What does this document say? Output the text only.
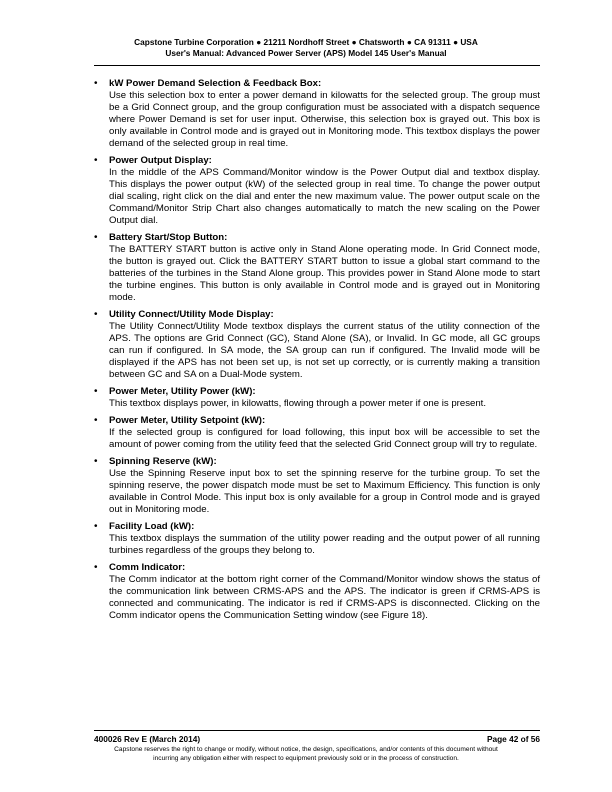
Capstone Turbine Corporation ● 21211 Nordhoff Street ● Chatsworth ● CA 91311 ● USA
User's Manual: Advanced Power Server (APS) Model 145 User's Manual
• kW Power Demand Selection & Feedback Box:

Use this selection box to enter a power demand in kilowatts for the selected group. The group must be a Grid Connect group, and the group configuration must be associated with a dispatch sequence where Power Demand is set for user input. Otherwise, this selection box is grayed out. This box is only available in Control mode and is grayed out in Monitoring mode. This textbox displays the power demand of the selected group in real time.

• Power Output Display:

In the middle of the APS Command/Monitor window is the Power Output dial and textbox display. This displays the power output (kW) of the selected group in real time. To change the power output dial scaling, right click on the dial and enter the new maximum value. The power output scale on the Command/Monitor Strip Chart also changes automatically to match the new scaling on the Power Output dial.

• Battery Start/Stop Button:

The BATTERY START button is active only in Stand Alone operating mode. In Grid Connect mode, the button is grayed out. Click the BATTERY START button to issue a global start command to the batteries of the turbines in the Stand Alone group. This provides power in Stand Alone mode to start the turbine engines. This button is only available in Control mode and is grayed out in Monitoring mode.

• Utility Connect/Utility Mode Display:

The Utility Connect/Utility Mode textbox displays the current status of the utility connection of the APS. The options are Grid Connect (GC), Stand Alone (SA), or Invalid. In GC mode, all GC groups can run if configured. In SA mode, the SA group can run if configured. The Invalid mode will be displayed if the APS has not been set up, is not set up correctly, or is currently making a transition between GC and SA on a Dual-Mode system.

• Power Meter, Utility Power (kW):

This textbox displays power, in kilowatts, flowing through a power meter if one is present.

• Power Meter, Utility Setpoint (kW):

If the selected group is configured for load following, this input box will be accessible to set the amount of power coming from the utility feed that the selected Grid Connect group will try to regulate.

• Spinning Reserve (kW):

Use the Spinning Reserve input box to set the spinning reserve for the turbine group. To set the spinning reserve, the power dispatch mode must be set to Maximum Efficiency. This function is only available in Control Mode. This input box is only available for a group in Control mode and is grayed out in Monitoring mode.

• Facility Load (kW):

This textbox displays the summation of the utility power reading and the output power of all running turbines regardless of the groups they belong to.

• Comm Indicator:

The Comm indicator at the bottom right corner of the Command/Monitor window shows the status of the communication link between CRMS-APS and the APS. The indicator is green if CRMS-APS is connected and communicating. The indicator is red if CRMS-APS is disconnected. Clicking on the Comm indicator opens the Communication Setting window (see Figure 18).

400026 Rev E (March 2014)	Page 42 of 56
Capstone reserves the right to change or modify, without notice, the design, specifications, and/or contents of this document without
incurring any obligation either with respect to equipment previously sold or in the process of construction.
